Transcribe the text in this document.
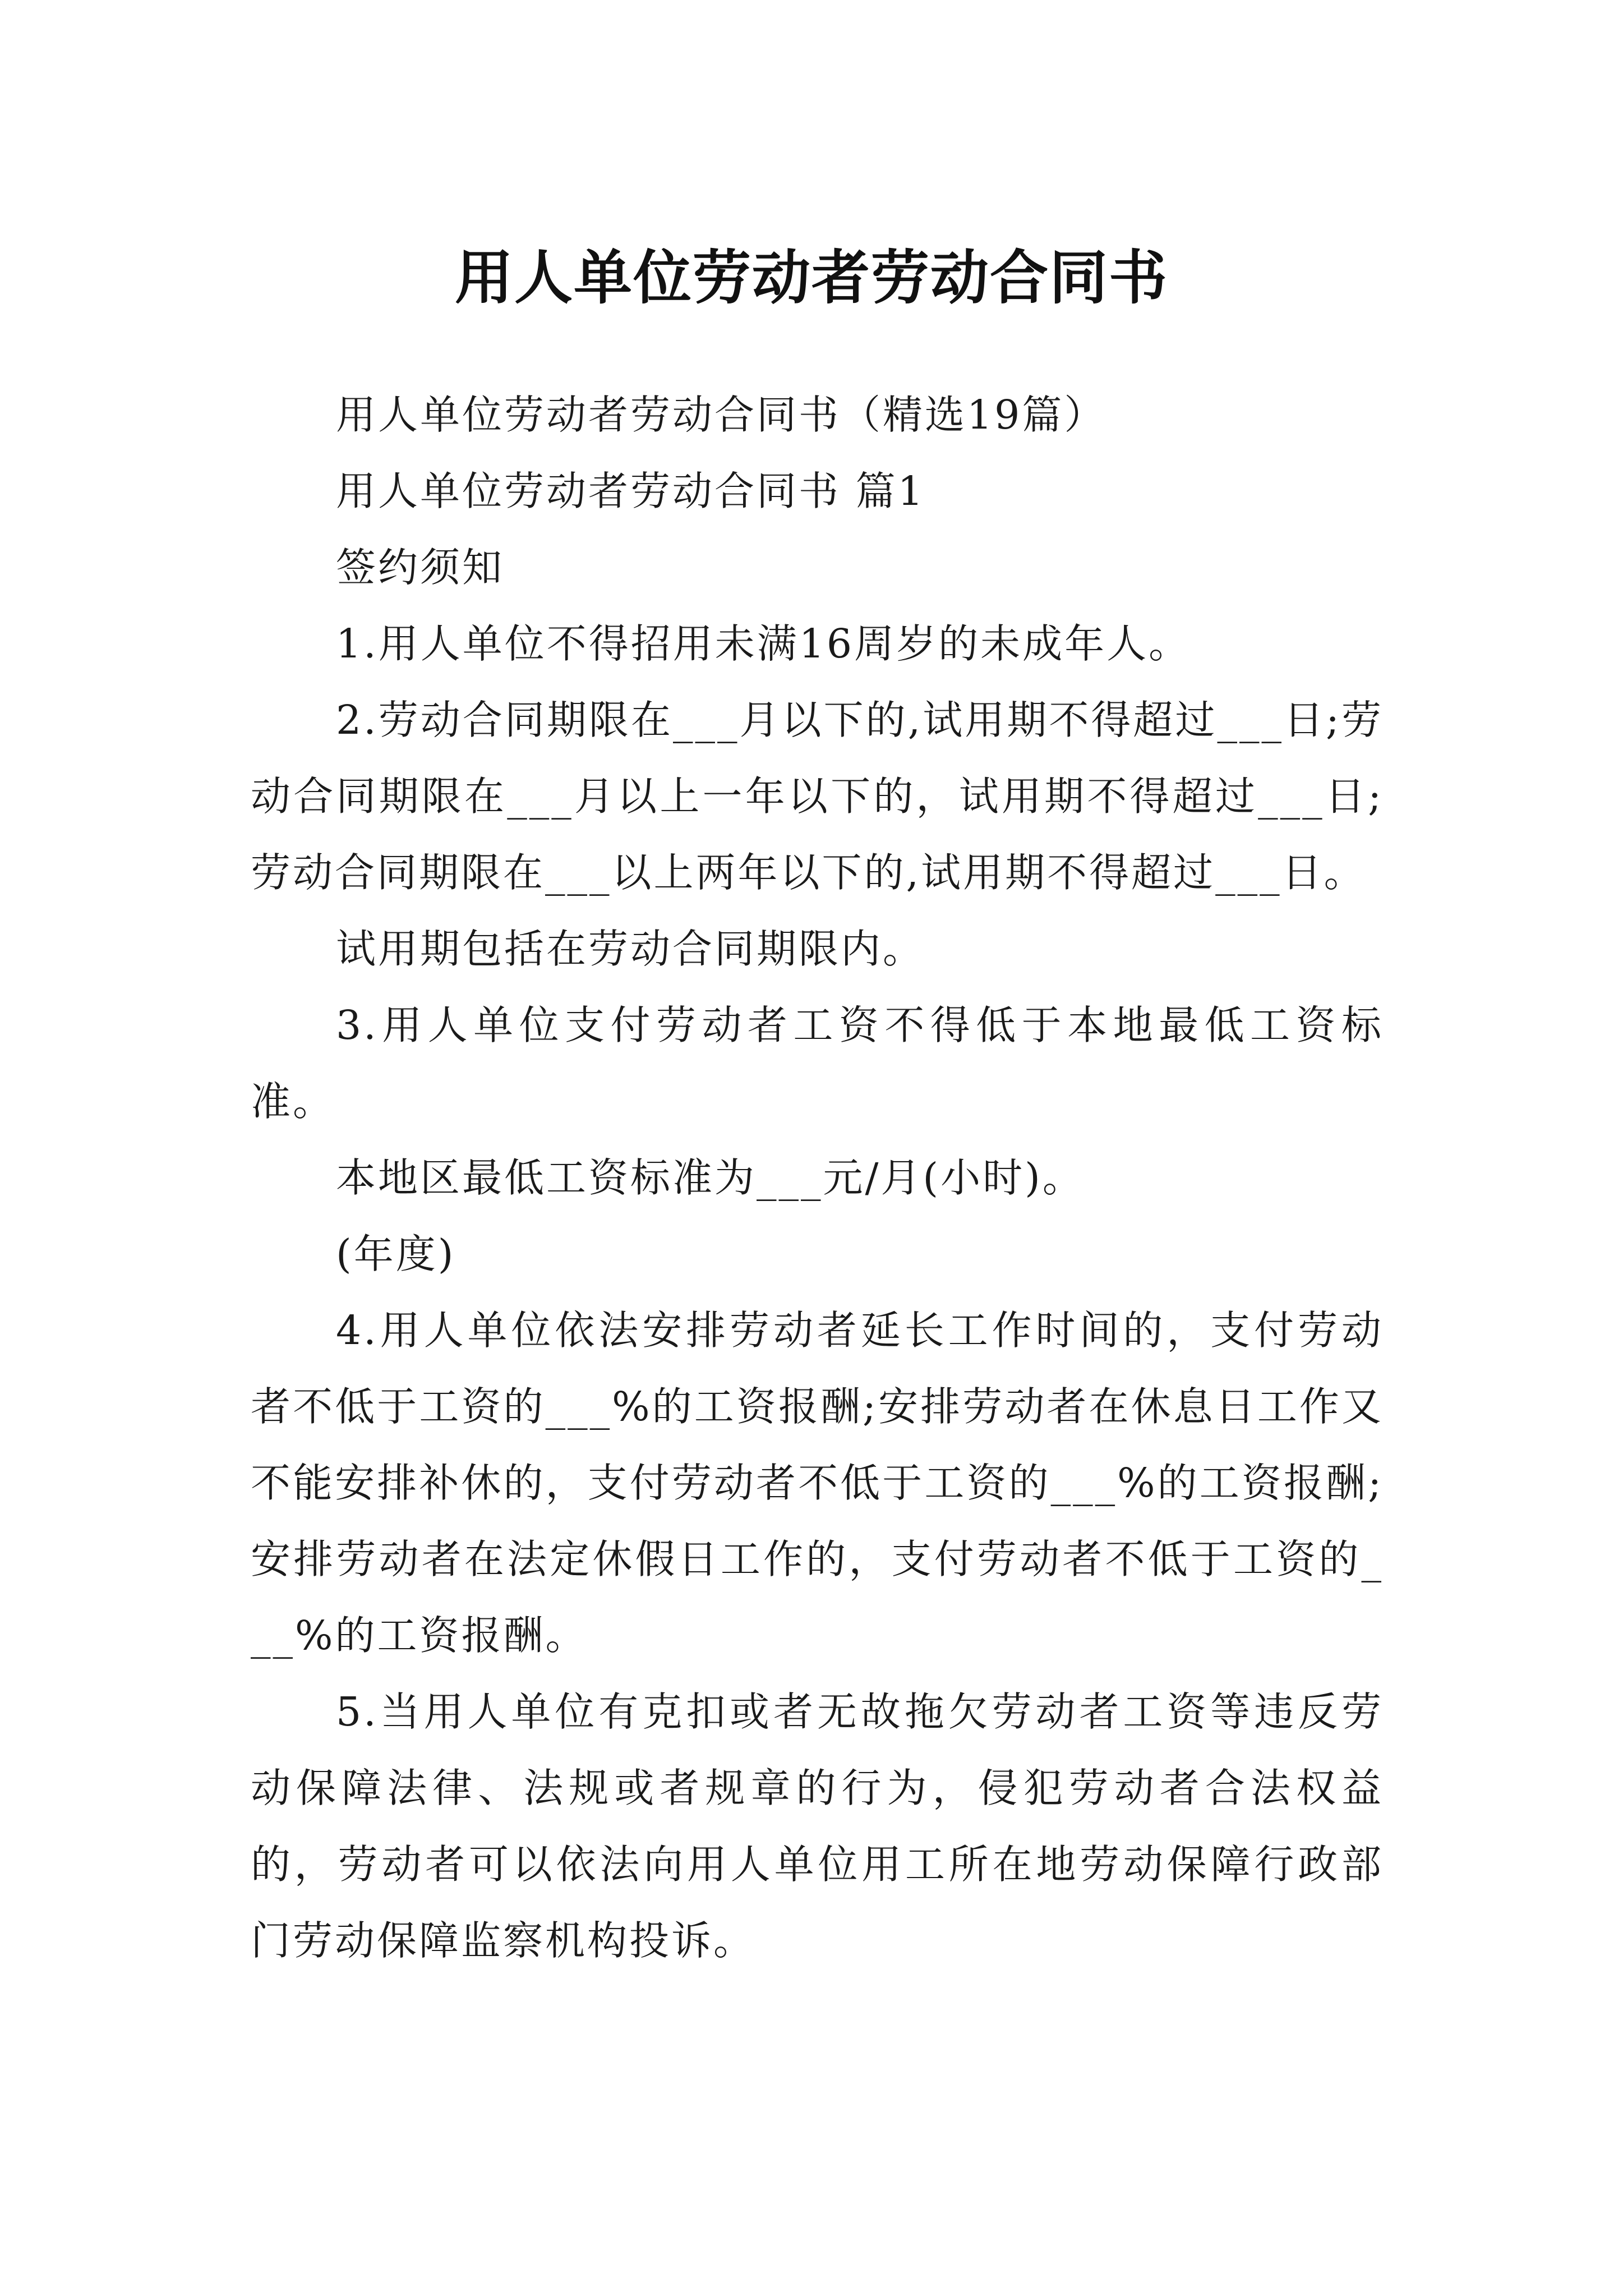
用人单位劳动者劳动合同书

用人单位劳动者劳动合同书（精选19篇）

用人单位劳动者劳动合同书 篇1

签约须知

1.用人单位不得招用未满16周岁的未成年人。

2.劳动合同期限在___月以下的,试用期不得超过___日;劳动合同期限在___月以上一年以下的，试用期不得超过___日;劳动合同期限在___以上两年以下的,试用期不得超过___日。

试用期包括在劳动合同期限内。

3.用人单位支付劳动者工资不得低于本地最低工资标准。

本地区最低工资标准为___元/月(小时)。

(年度)

4.用人单位依法安排劳动者延长工作时间的，支付劳动者不低于工资的___%的工资报酬;安排劳动者在休息日工作又不能安排补休的，支付劳动者不低于工资的___%的工资报酬;安排劳动者在法定休假日工作的，支付劳动者不低于工资的___%的工资报酬。

5.当用人单位有克扣或者无故拖欠劳动者工资等违反劳动保障法律、法规或者规章的行为，侵犯劳动者合法权益的，劳动者可以依法向用人单位用工所在地劳动保障行政部门劳动保障监察机构投诉。
